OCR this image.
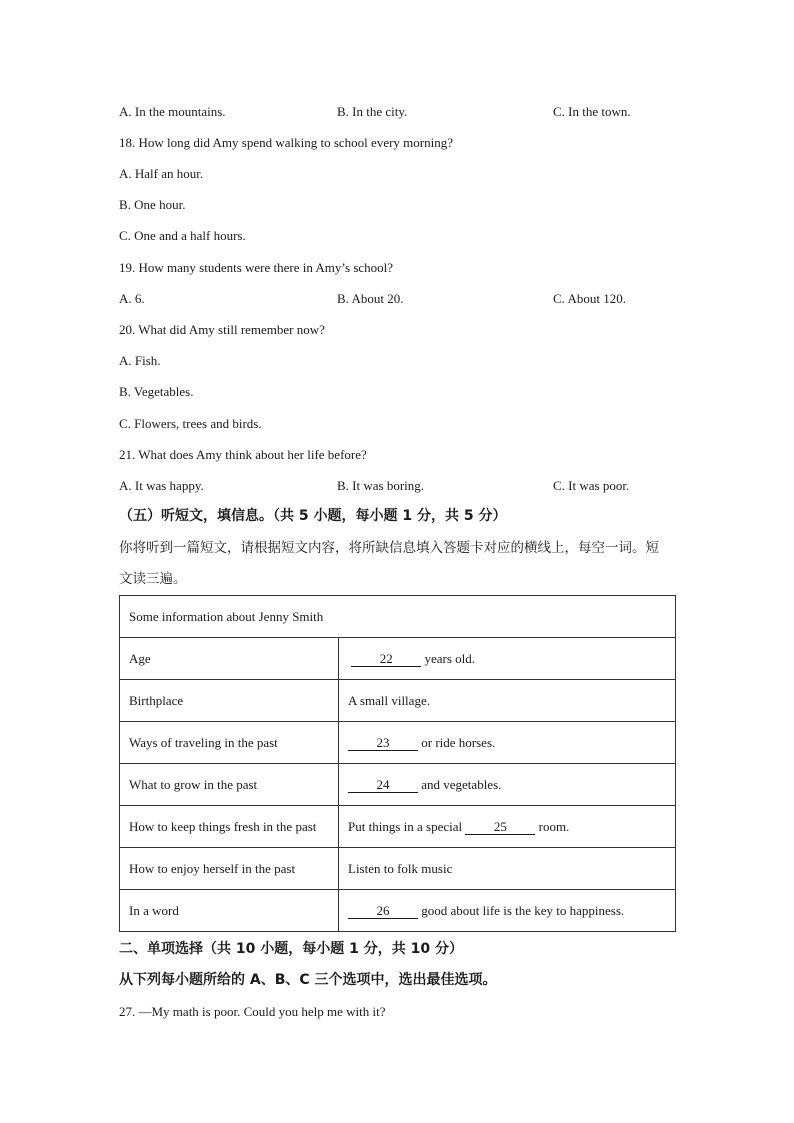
A. In the mountains.	B. In the city.	C. In the town.
18. How long did Amy spend walking to school every morning?
A. Half an hour.
B. One hour.
C. One and a half hours.
19. How many students were there in Amy’s school?
A. 6.	B. About 20.	C. About 120.
20. What did Amy still remember now?
A. Fish.
B. Vegetables.
C. Flowers, trees and birds.
21. What does Amy think about her life before?
A. It was happy.	B. It was boring.	C. It was poor.
（五）听短文，填信息。（共 5 小题，每小题 1 分，共 5 分）
你将听到一篇短文，请根据短文内容，将所缺信息填入答题卡对应的横线上，每空一词。短
文读三遍。
Some information about Jenny Smith	
Age	22 years old.
Birthplace	A small village.
Ways of traveling in the past	23 or ride horses.
What to grow in the past	24 and vegetables.
How to keep things fresh in the past	Put things in a special 25 room.
How to enjoy herself in the past	Listen to folk music
In a word	26 good about life is the key to happiness.
二、单项选择（共 10 小题，每小题 1 分，共 10 分）
从下列每小题所给的 A、B、C 三个选项中，选出最佳选项。
27. —My math is poor. Could you help me with it?
